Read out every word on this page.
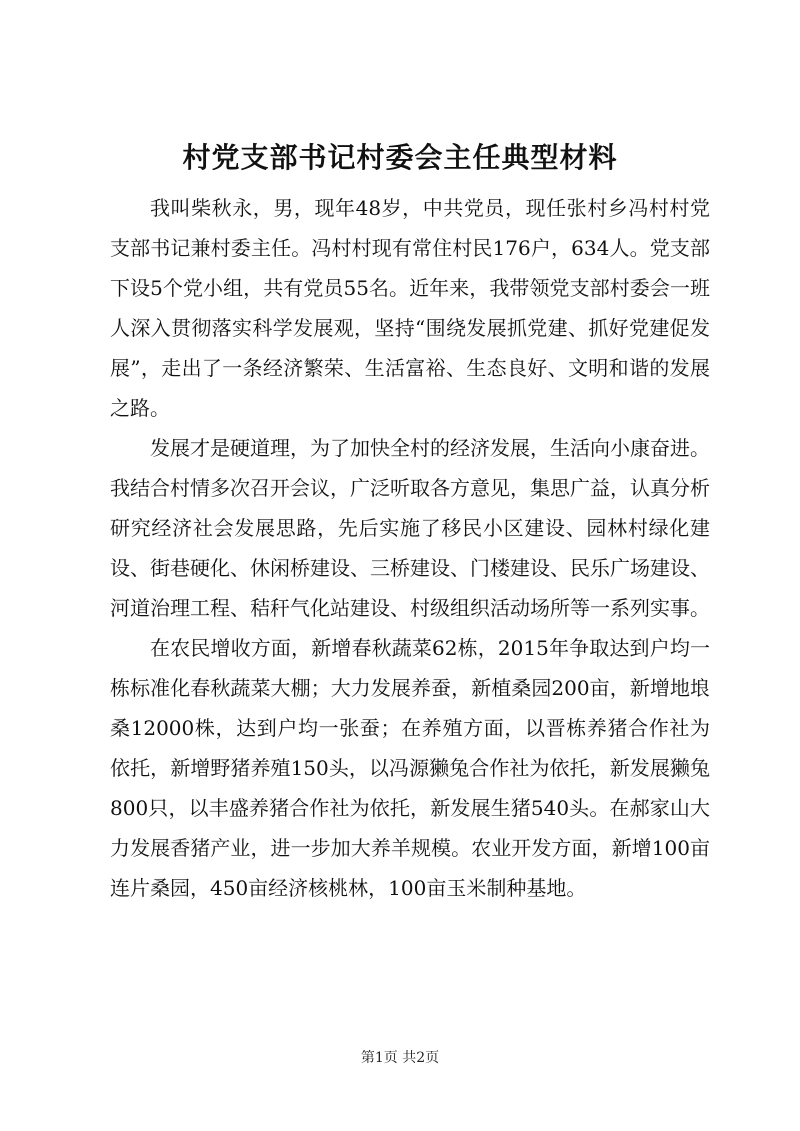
村党支部书记村委会主任典型材料

我叫柴秋永，男，现年48岁，中共党员，现任张村乡冯村村党支部书记兼村委主任。冯村村现有常住村民176户，634人。党支部下设5个党小组，共有党员55名。近年来，我带领党支部村委会一班人深入贯彻落实科学发展观，坚持“围绕发展抓党建、抓好党建促发展”，走出了一条经济繁荣、生活富裕、生态良好、文明和谐的发展之路。

发展才是硬道理，为了加快全村的经济发展，生活向小康奋进。我结合村情多次召开会议，广泛听取各方意见，集思广益，认真分析研究经济社会发展思路，先后实施了移民小区建设、园林村绿化建设、街巷硬化、休闲桥建设、三桥建设、门楼建设、民乐广场建设、河道治理工程、秸秆气化站建设、村级组织活动场所等一系列实事。

在农民增收方面，新增春秋蔬菜62栋，2015年争取达到户均一栋标准化春秋蔬菜大棚；大力发展养蚕，新植桑园200亩，新增地埌桑12000株，达到户均一张蚕；在养殖方面，以晋栋养猪合作社为依托，新增野猪养殖150头，以冯源獭兔合作社为依托，新发展獭兔800只，以丰盛养猪合作社为依托，新发展生猪540头。在郝家山大力发展香猪产业，进一步加大养羊规模。农业开发方面，新增100亩连片桑园，450亩经济核桃林，100亩玉米制种基地。

第1页 共2页
